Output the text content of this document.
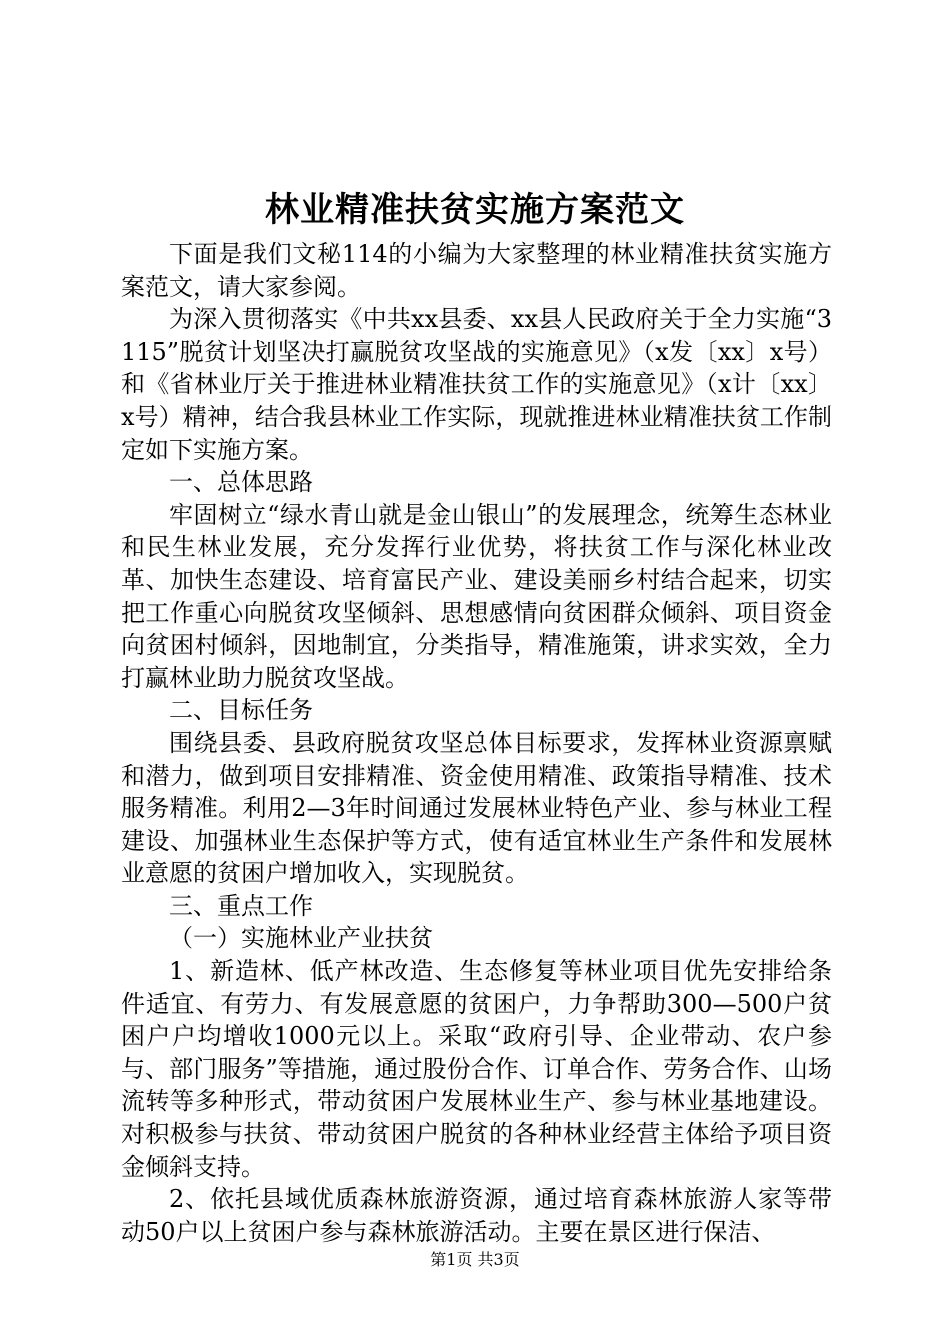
林业精准扶贫实施方案范文

下面是我们文秘114的小编为大家整理的林业精准扶贫实施方案范文，请大家参阅。

为深入贯彻落实《中共xx县委、xx县人民政府关于全力实施“3115”脱贫计划坚决打赢脱贫攻坚战的实施意见》（x发〔xx〕x号）和《省林业厅关于推进林业精准扶贫工作的实施意见》（x计〔xx〕x号）精神，结合我县林业工作实际，现就推进林业精准扶贫工作制定如下实施方案。

一、总体思路

牢固树立“绿水青山就是金山银山”的发展理念，统筹生态林业和民生林业发展，充分发挥行业优势，将扶贫工作与深化林业改革、加快生态建设、培育富民产业、建设美丽乡村结合起来，切实把工作重心向脱贫攻坚倾斜、思想感情向贫困群众倾斜、项目资金向贫困村倾斜，因地制宜，分类指导，精准施策，讲求实效，全力打赢林业助力脱贫攻坚战。

二、目标任务

围绕县委、县政府脱贫攻坚总体目标要求，发挥林业资源禀赋和潜力，做到项目安排精准、资金使用精准、政策指导精准、技术服务精准。利用2—3年时间通过发展林业特色产业、参与林业工程建设、加强林业生态保护等方式，使有适宜林业生产条件和发展林业意愿的贫困户增加收入，实现脱贫。

三、重点工作

（一）实施林业产业扶贫

1、新造林、低产林改造、生态修复等林业项目优先安排给条件适宜、有劳力、有发展意愿的贫困户，力争帮助300—500户贫困户户均增收1000元以上。采取“政府引导、企业带动、农户参与、部门服务”等措施，通过股份合作、订单合作、劳务合作、山场流转等多种形式，带动贫困户发展林业生产、参与林业基地建设。对积极参与扶贫、带动贫困户脱贫的各种林业经营主体给予项目资金倾斜支持。

2、依托县域优质森林旅游资源，通过培育森林旅游人家等带动50户以上贫困户参与森林旅游活动。主要在景区进行保洁、

第1页 共3页
